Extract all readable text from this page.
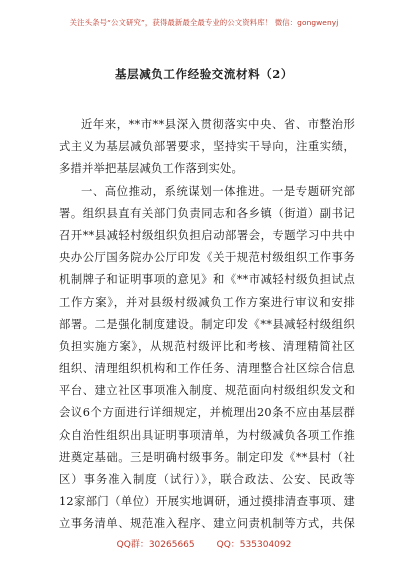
关注头条号“公文研究”，获得最新最全最专业的公文资料库！ 微信：gongwenyj
基层减负工作经验交流材料（2）
近年来，**市**县深入贯彻落实中央、省、市整治形
式主义为基层减负部署要求，坚持实干导向，注重实绩，
多措并举把基层减负工作落到实处。
一、高位推动，系统谋划一体推进。一是专题研究部
署。组织县直有关部门负责同志和各乡镇（街道）副书记
召开**县减轻村级组织负担启动部署会，专题学习中共中
央办公厅国务院办公厅印发《关于规范村级组织工作事务
机制牌子和证明事项的意见》和《**市减轻村级负担试点
工作方案》，并对县级村级减负工作方案进行审议和安排
部署。二是强化制度建设。制定印发《**县减轻村级组织
负担实施方案》，从规范村级评比和考核、清理精简社区
组织、清理组织机构和工作任务、清理整合社区综合信息
平台、建立社区事项准入制度、规范面向村级组织发文和
会议6个方面进行详细规定，并梳理出20条不应由基层群
众自治性组织出具证明事项清单，为村级减负各项工作推
进奠定基础。三是明确村级事务。制定印发《**县村（社
区）事务准入制度（试行）》，联合政法、公安、民政等
12家部门（单位）开展实地调研，通过摸排清查事项、建
立事务清单、规范准入程序、建立问责机制等方式，共保
QQ群：30265665 QQ：535304092
